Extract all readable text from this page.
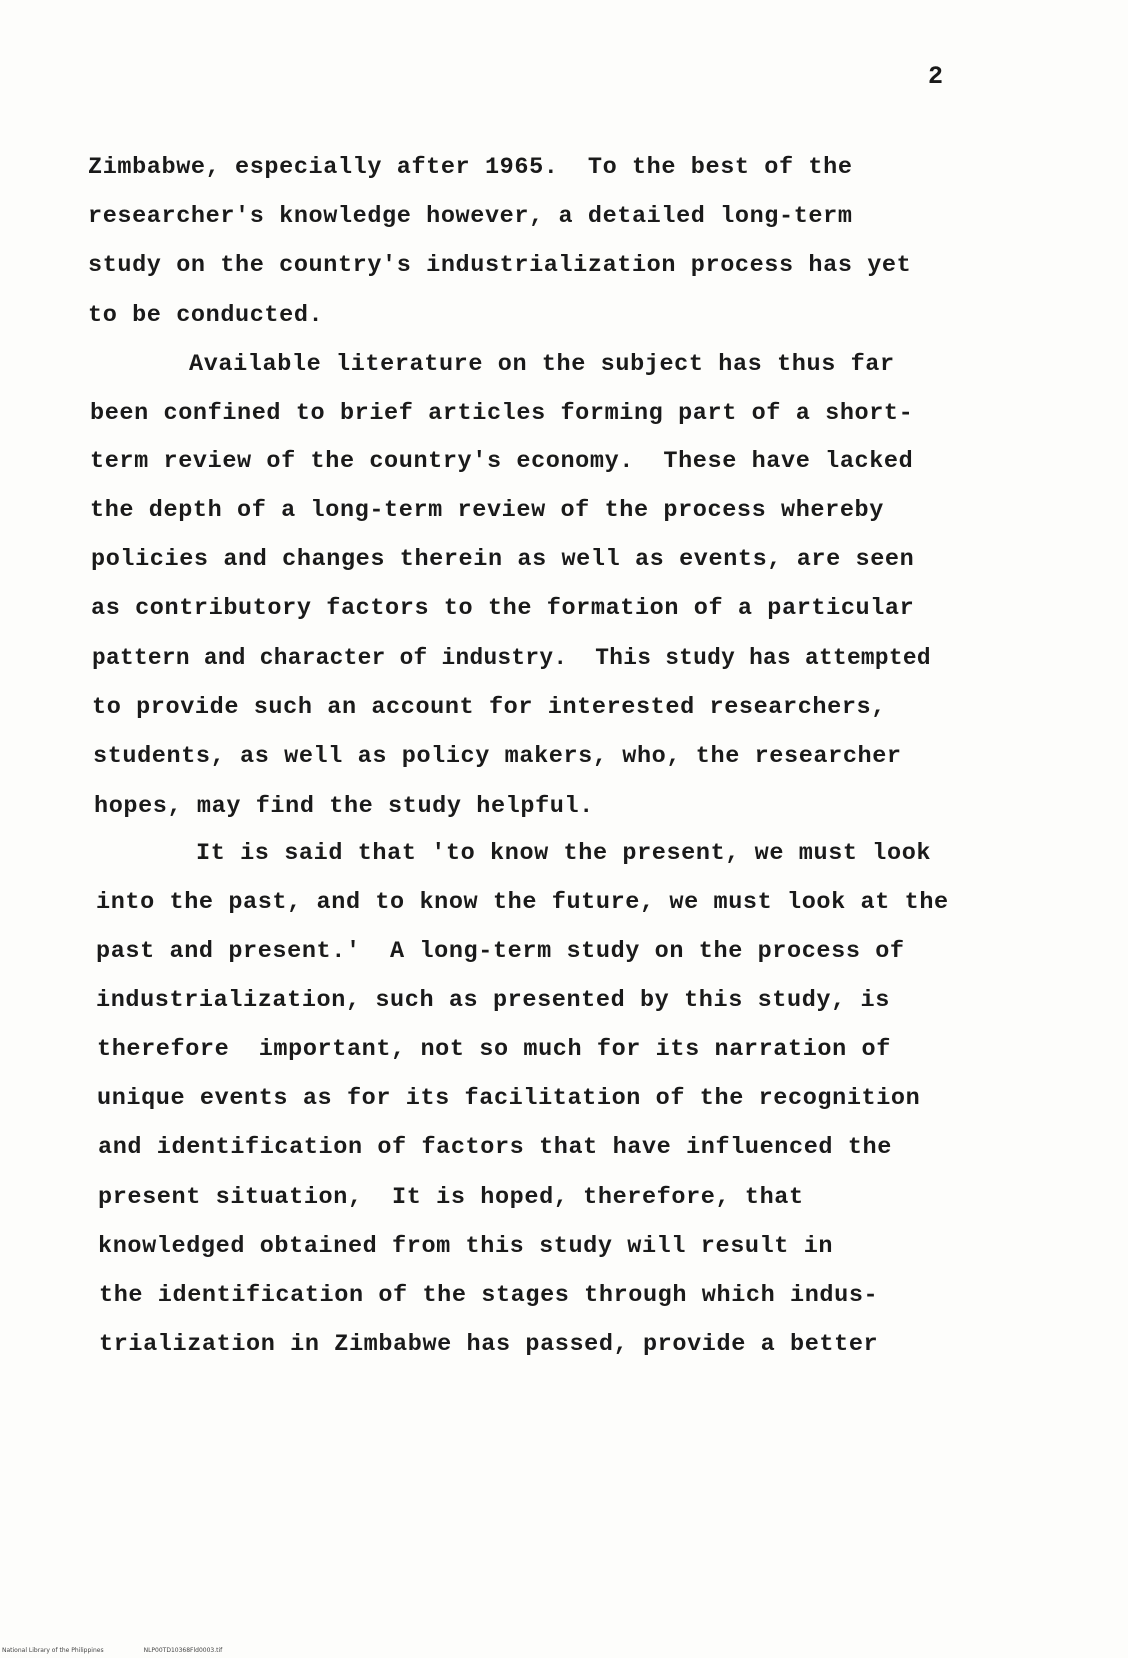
2
Zimbabwe, especially after 1965.  To the best of the
researcher's knowledge however, a detailed long-term
study on the country's industrialization process has yet
to be conducted.
Available literature on the subject has thus far
been confined to brief articles forming part of a short-
term review of the country's economy.  These have lacked
the depth of a long-term review of the process whereby
policies and changes therein as well as events, are seen
as contributory factors to the formation of a particular
pattern and character of industry.  This study has attempted
to provide such an account for interested researchers,
students, as well as policy makers, who, the researcher
hopes, may find the study helpful.
It is said that 'to know the present, we must look
into the past, and to know the future, we must look at the
past and present.'  A long-term study on the process of
industrialization, such as presented by this study, is
therefore  important, not so much for its narration of
unique events as for its facilitation of the recognition
and identification of factors that have influenced the
present situation,  It is hoped, therefore, that
knowledged obtained from this study will result in
the identification of the stages through which indus-
trialization in Zimbabwe has passed, provide a better
National Library of the Philippines	NLP00TD10368Fld0003.tif
